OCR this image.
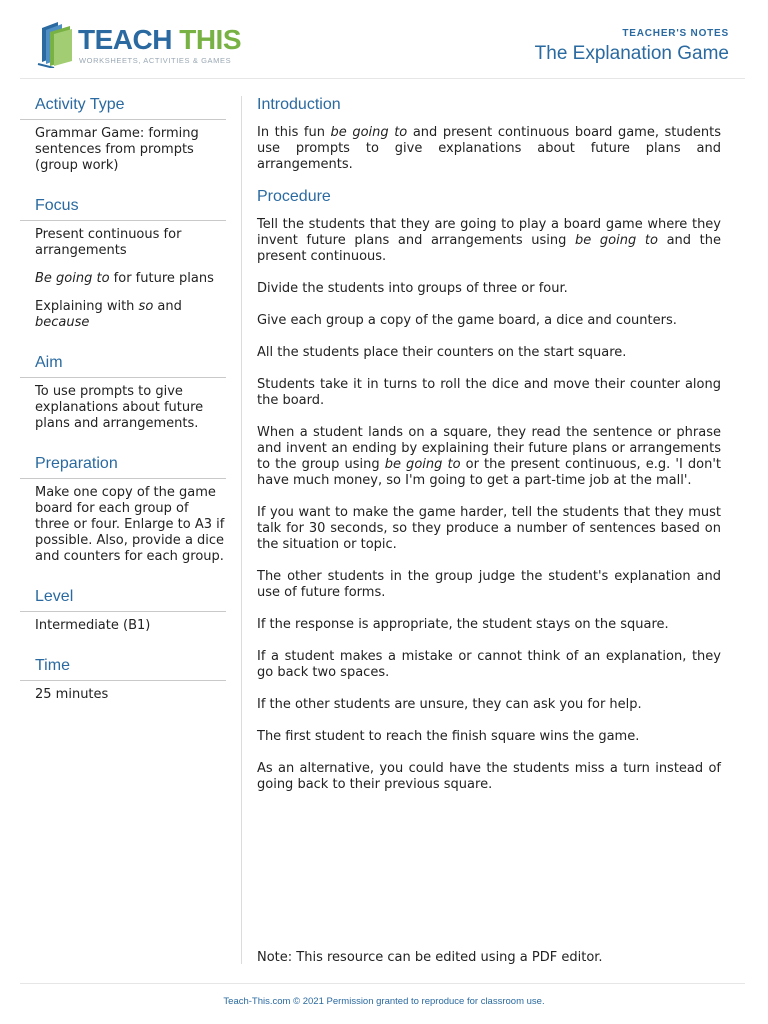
TEACH THIS
WORKSHEETS, ACTIVITIES & GAMES
TEACHER'S NOTES
The Explanation Game
Activity Type

Grammar Game: forming sentences from prompts (group work)

Focus

Present continuous for arrangements

Be going to for future plans

Explaining with so and because

Aim

To use prompts to give explanations about future plans and arrangements.

Preparation

Make one copy of the game board for each group of three or four. Enlarge to A3 if possible. Also, provide a dice and counters for each group.

Level

Intermediate (B1)

Time

25 minutes

Introduction

In this fun be going to and present continuous board game, students use prompts to give explanations about future plans and arrangements.

Procedure

Tell the students that they are going to play a board game where they invent future plans and arrangements using be going to and the present continuous.

Divide the students into groups of three or four.

Give each group a copy of the game board, a dice and counters.

All the students place their counters on the start square.

Students take it in turns to roll the dice and move their counter along the board.

When a student lands on a square, they read the sentence or phrase and invent an ending by explaining their future plans or arrangements to the group using be going to or the present continuous, e.g. 'I don't have much money, so I'm going to get a part-time job at the mall'.

If you want to make the game harder, tell the students that they must talk for 30 seconds, so they produce a number of sentences based on the situation or topic.

The other students in the group judge the student's explanation and use of future forms.

If the response is appropriate, the student stays on the square.

If a student makes a mistake or cannot think of an explanation, they go back two spaces.

If the other students are unsure, they can ask you for help.

The first student to reach the finish square wins the game.

As an alternative, you could have the students miss a turn instead of going back to their previous square.

Note: This resource can be edited using a PDF editor.
Teach-This.com © 2021 Permission granted to reproduce for classroom use.
